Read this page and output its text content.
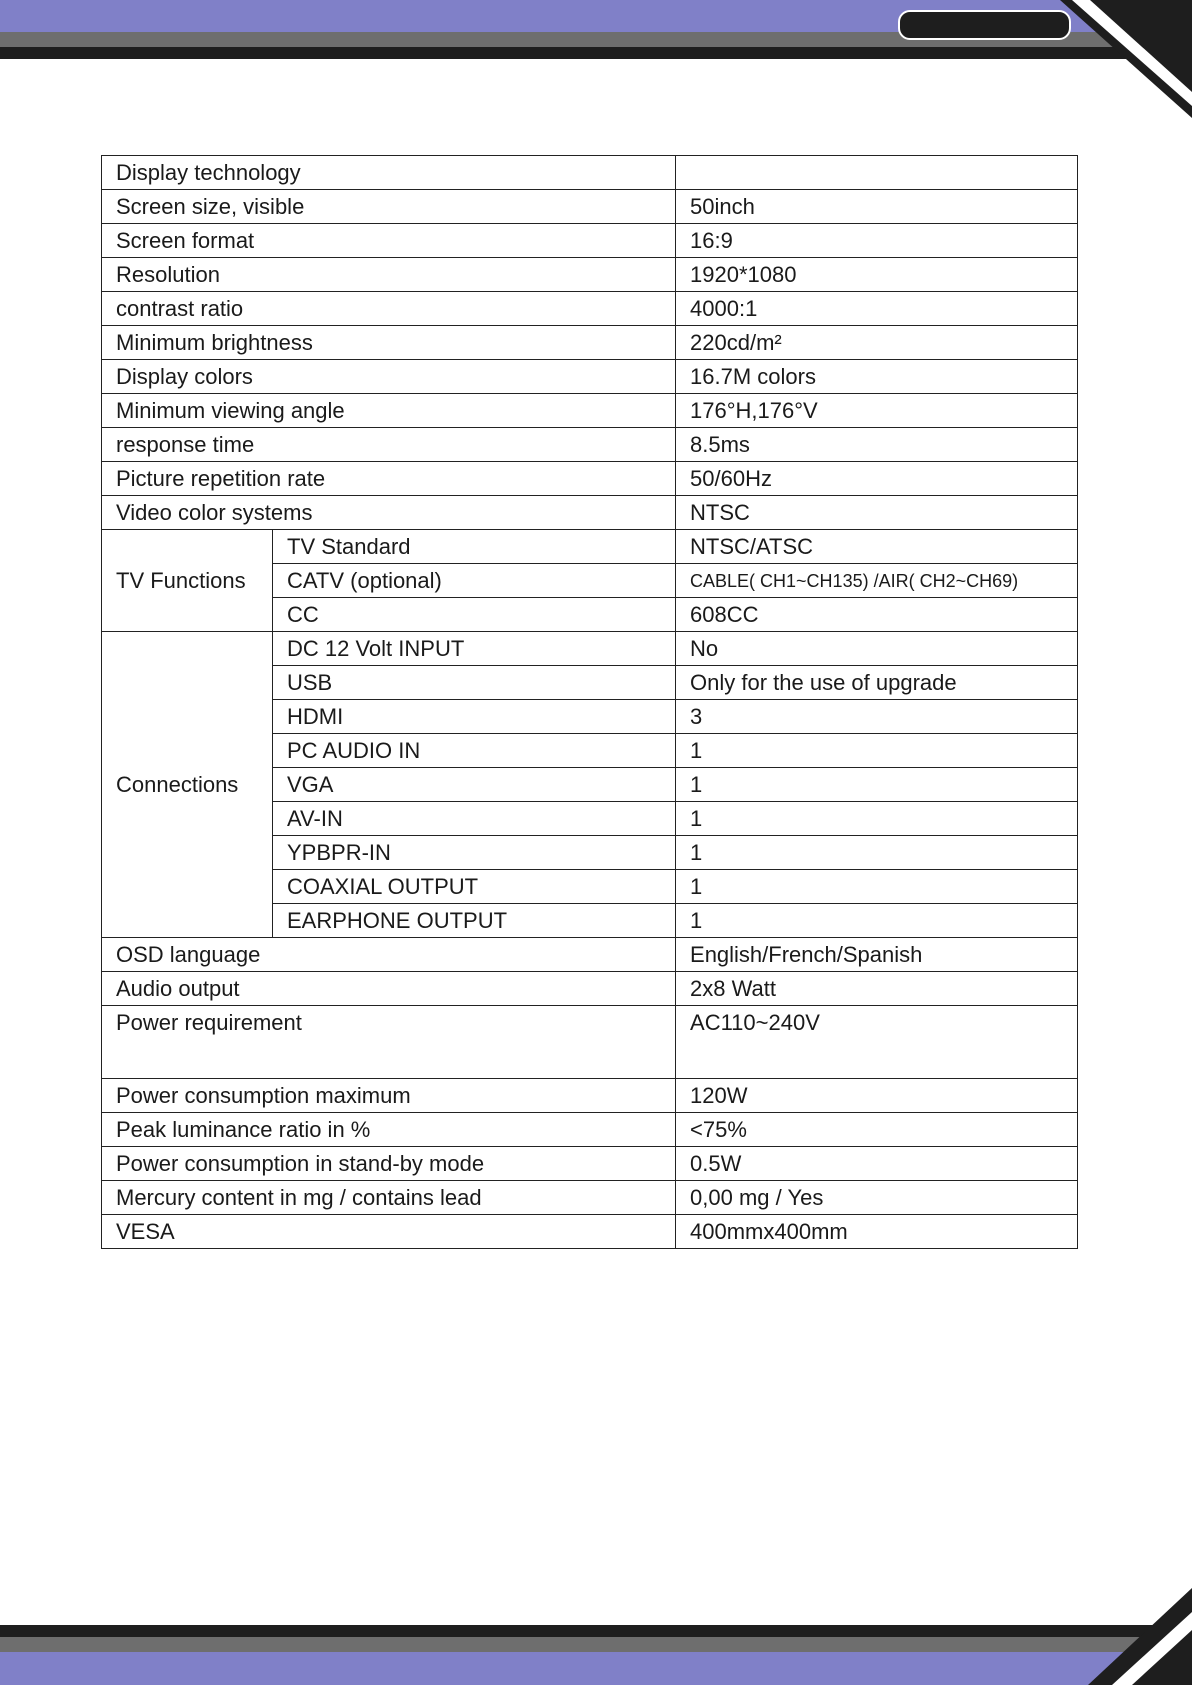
Display technology		
Screen size, visible		50inch
Screen format		16:9
Resolution		1920*1080
contrast ratio		4000:1
Minimum brightness		220cd/m²
Display colors		16.7M colors
Minimum viewing angle		176°H,176°V
response time		8.5ms
Picture repetition rate		50/60Hz
Video color systems		NTSC
TV Functions	TV Standard	NTSC/ATSC
	CATV (optional)	CABLE( CH1~CH135) /AIR( CH2~CH69)
	CC	608CC
Connections	DC 12 Volt INPUT	No
	USB	Only for the use of upgrade
	HDMI	3
	PC AUDIO IN	1
	VGA	1
	AV-IN	1
	YPBPR-IN	1
	COAXIAL OUTPUT	1
	EARPHONE OUTPUT	1
OSD language		English/French/Spanish
Audio output		2x8 Watt
Power requirement		AC110~240V
Power consumption maximum		120W
Peak luminance ratio in %		<75%
Power consumption in stand-by mode		0.5W
Mercury content in mg / contains lead		0,00 mg / Yes
VESA		400mmx400mm
